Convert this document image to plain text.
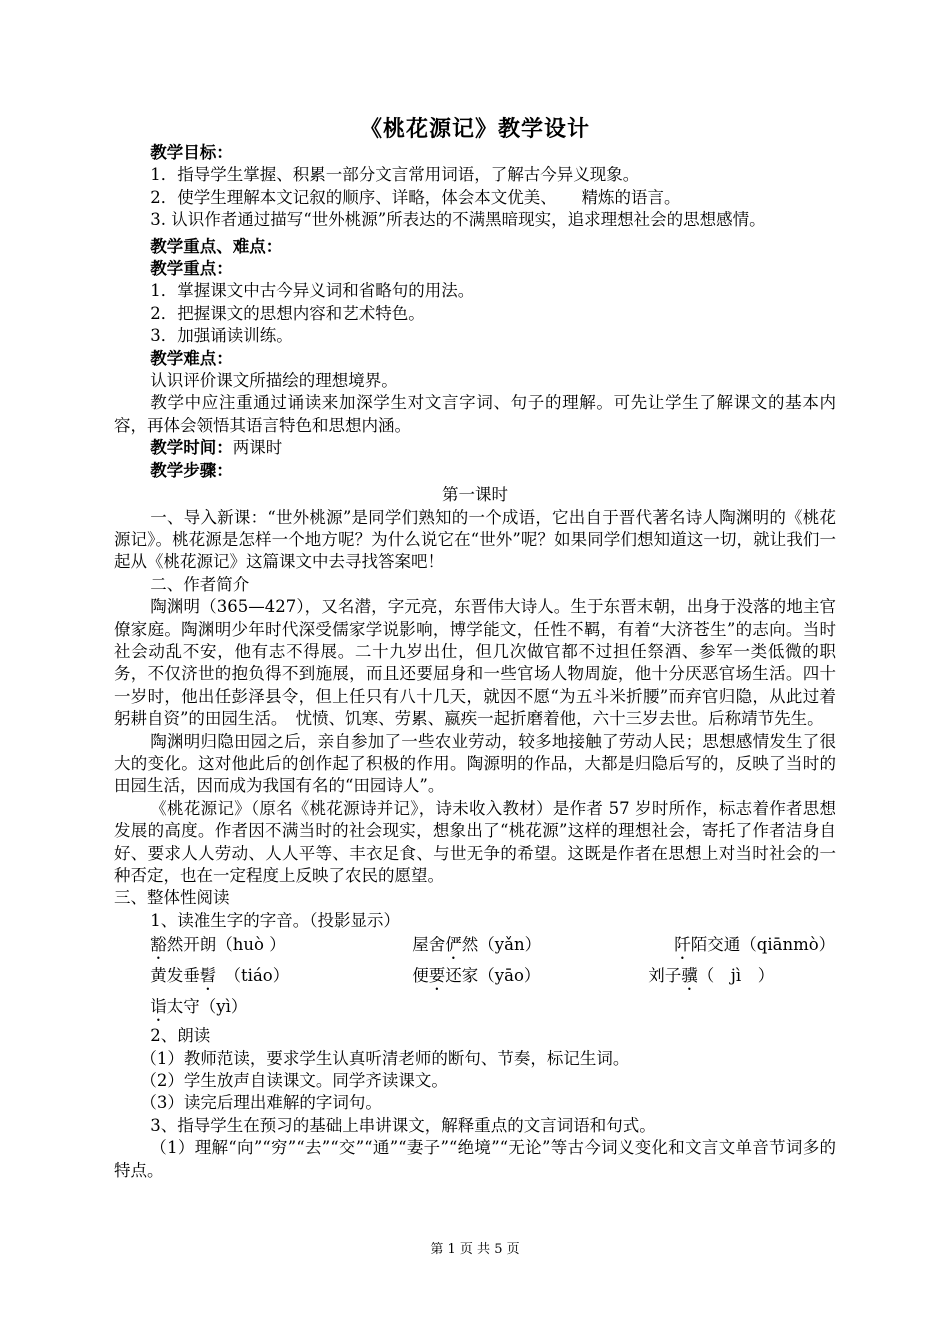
《桃花源记》教学设计

教学目标：

1．指导学生掌握、积累一部分文言常用词语，了解古今异义现象。

2．使学生理解本文记叙的顺序、详略，体会本文优美、　　精炼的语言。

3. 认识作者通过描写“世外桃源”所表达的不满黑暗现实，追求理想社会的思想感情。

教学重点、难点：

教学重点：

1．掌握课文中古今异义词和省略句的用法。

2．把握课文的思想内容和艺术特色。

3．加强诵读训练。

教学难点：

认识评价课文所描绘的理想境界。

教学中应注重通过诵读来加深学生对文言字词、句子的理解。可先让学生了解课文的基本内容，再体会领悟其语言特色和思想内涵。

教学时间：两课时

教学步骤：

第一课时

一、导入新课：“世外桃源”是同学们熟知的一个成语，它出自于晋代著名诗人陶渊明的《桃花源记》。桃花源是怎样一个地方呢？为什么说它在“世外”呢？如果同学们想知道这一切，就让我们一起从《桃花源记》这篇课文中去寻找答案吧！

二、作者简介

陶渊明（365—427），又名潜，字元亮，东晋伟大诗人。生于东晋末朝，出身于没落的地主官僚家庭。陶渊明少年时代深受儒家学说影响，博学能文，任性不羁，有着“大济苍生”的志向。当时社会动乱不安，他有志不得展。二十九岁出仕，但几次做官都不过担任祭酒、参军一类低微的职务，不仅济世的抱负得不到施展，而且还要屈身和一些官场人物周旋，他十分厌恶官场生活。四十一岁时，他出任彭泽县令，但上任只有八十几天，就因不愿“为五斗米折腰”而弃官归隐，从此过着躬耕自资”的田园生活。　忧愤、饥寒、劳累、嬴疾一起折磨着他，六十三岁去世。后称靖节先生。

陶渊明归隐田园之后，亲自参加了一些农业劳动，较多地接触了劳动人民；思想感情发生了很大的变化。这对他此后的创作起了积极的作用。陶源明的作品，大都是归隐后写的，反映了当时的田园生活，因而成为我国有名的“田园诗人”。

《桃花源记》（原名《桃花源诗并记》，诗未收入教材）是作者 57 岁时所作，标志着作者思想发展的高度。作者因不满当时的社会现实，想象出了“桃花源”这样的理想社会，寄托了作者洁身自好、要求人人劳动、人人平等、丰衣足食、与世无争的希望。这既是作者在思想上对当时社会的一种否定，也在一定程度上反映了农民的愿望。

三、整体性阅读

1、读准生字的字音。（投影显示）

豁然开朗（huò ）	屋舍俨然（yǎn）	阡陌交通（qiānmò）
黄发垂髫　（tiáo）	便要还家（yāo）	刘子骥（　jì　）
诣太守（yì）

2、朗读

（1）教师范读，要求学生认真听清老师的断句、节奏，标记生词。

（2）学生放声自读课文。同学齐读课文。

（3）读完后理出难解的字词句。

3、指导学生在预习的基础上串讲课文，解释重点的文言词语和句式。

（1）理解“向”“穷”“去”“交”“通”“妻子”“绝境”“无论”等古今词义变化和文言文单音节词多的特点。

第 1 页 共 5 页
